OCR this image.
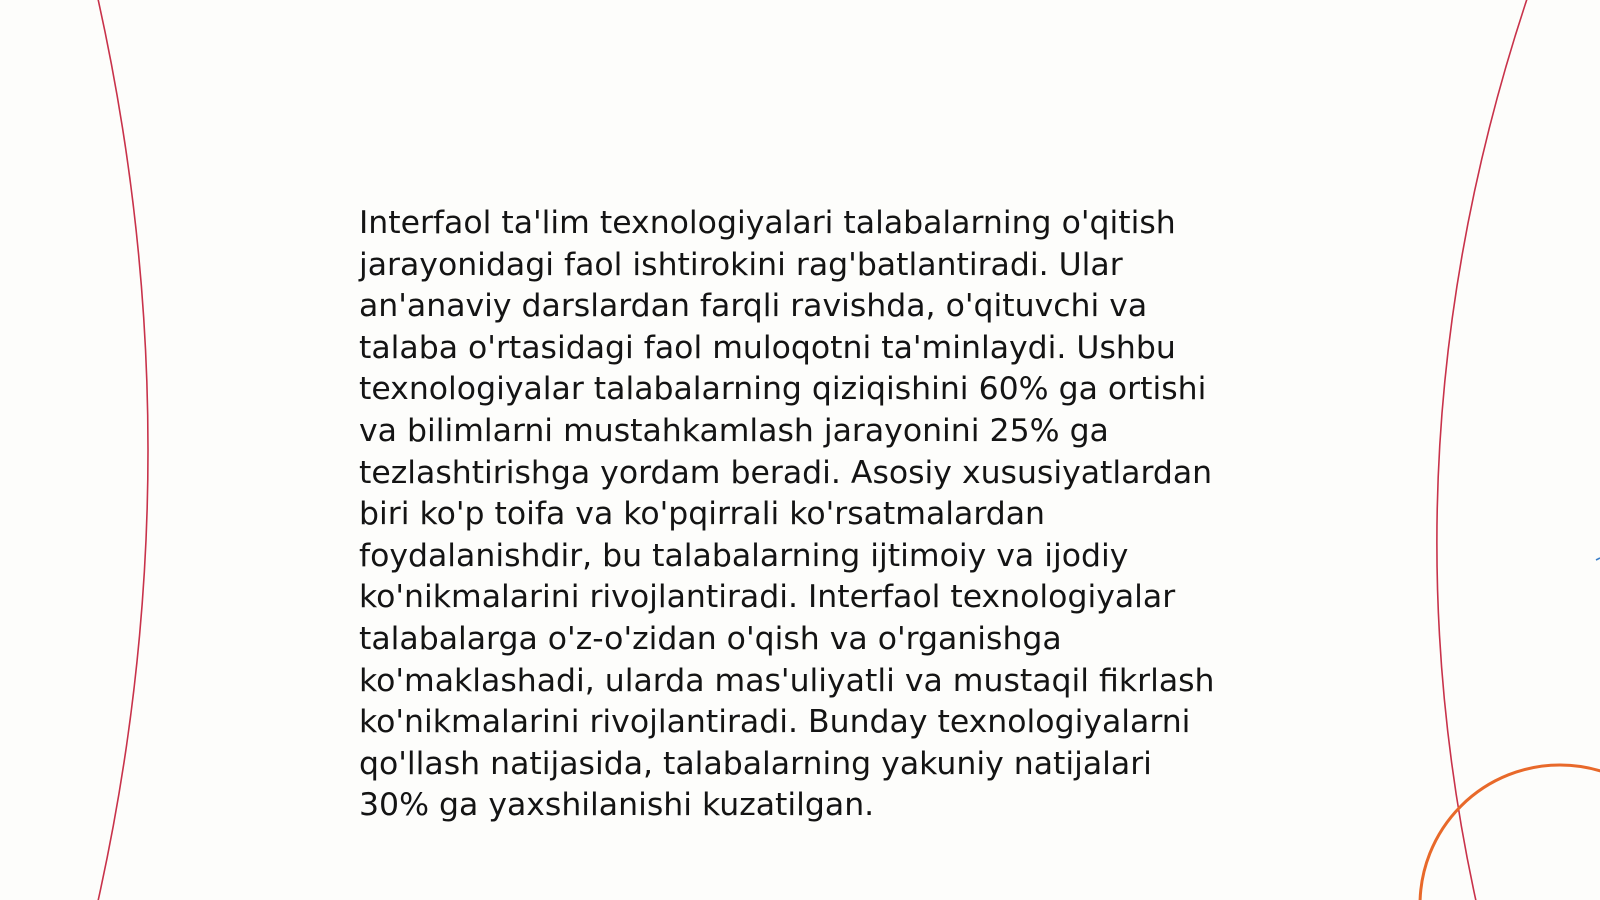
Interfaol ta'lim texnologiyalari talabalarning o'qitish
jarayonidagi faol ishtirokini rag'batlantiradi. Ular
an'anaviy darslardan farqli ravishda, o'qituvchi va
talaba o'rtasidagi faol muloqotni ta'minlaydi. Ushbu
texnologiyalar talabalarning qiziqishini 60% ga ortishi
va bilimlarni mustahkamlash jarayonini 25% ga
tezlashtirishga yordam beradi. Asosiy xususiyatlardan
biri ko'p toifa va ko'pqirrali ko'rsatmalardan
foydalanishdir, bu talabalarning ijtimoiy va ijodiy
ko'nikmalarini rivojlantiradi. Interfaol texnologiyalar
talabalarga o'z-o'zidan o'qish va o'rganishga
ko'maklashadi, ularda mas'uliyatli va mustaqil fikrlash
ko'nikmalarini rivojlantiradi. Bunday texnologiyalarni
qo'llash natijasida, talabalarning yakuniy natijalari
30% ga yaxshilanishi kuzatilgan.
